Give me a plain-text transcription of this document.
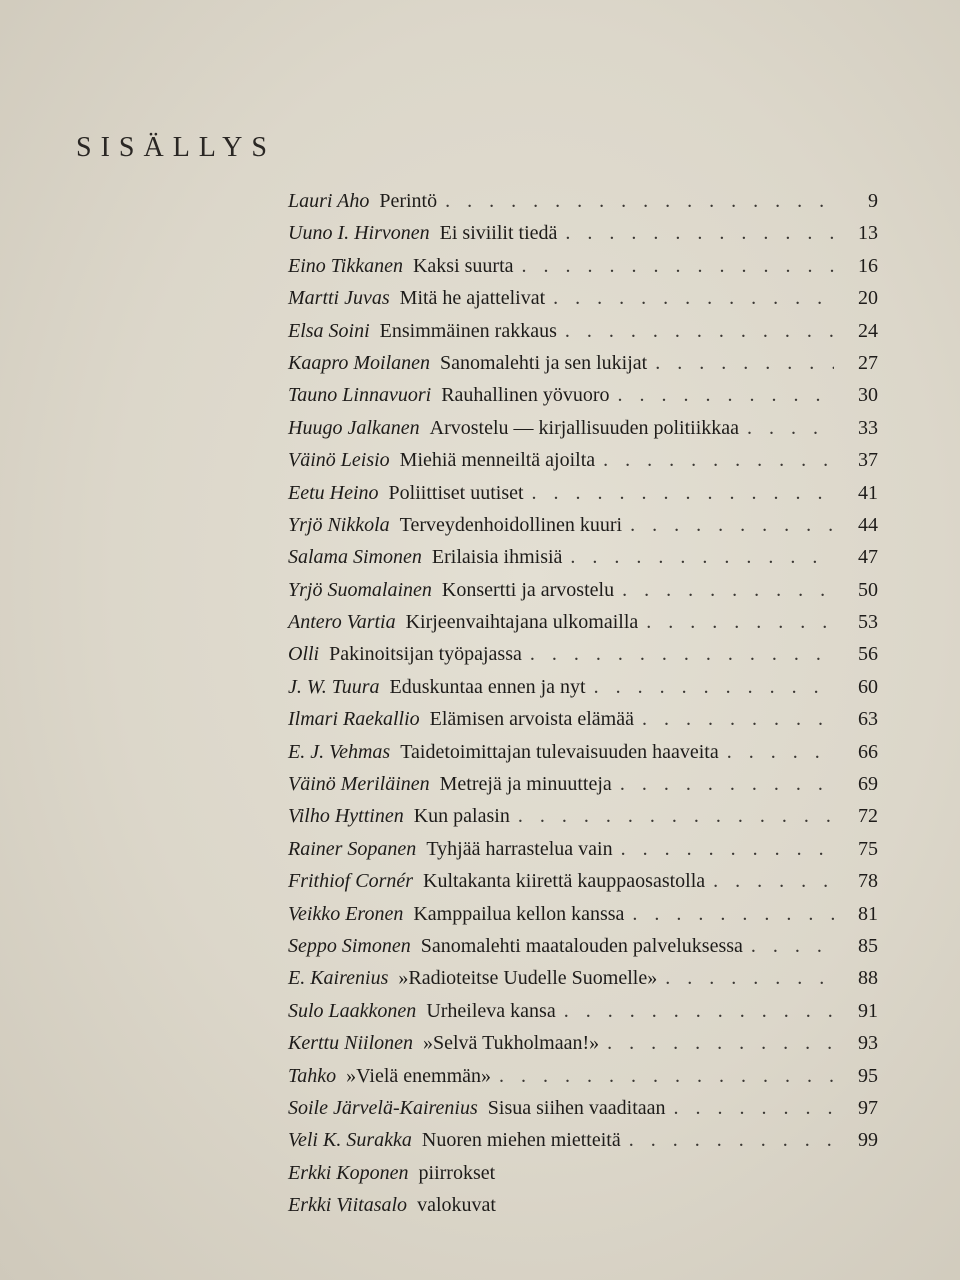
SISÄLLYS
Lauri Aho Perintö . . .	9
Uuno I. Hirvonen Ei siviilit tiedä . . .	13
Eino Tikkanen Kaksi suurta . . .	16
Martti Juvas Mitä he ajattelivat . . .	20
Elsa Soini Ensimmäinen rakkaus . . .	24
Kaapro Moilanen Sanomalehti ja sen lukijat . . .	27
Tauno Linnavuori Rauhallinen yövuoro . . .	30
Huugo Jalkanen Arvostelu — kirjallisuuden politiikkaa . . .	33
Väinö Leisio Miehiä menneiltä ajoilta . . .	37
Eetu Heino Poliittiset uutiset . . .	41
Yrjö Nikkola Terveydenhoidollinen kuuri . . .	44
Salama Simonen Erilaisia ihmisiä . . .	47
Yrjö Suomalainen Konsertti ja arvostelu . . .	50
Antero Vartia Kirjeenvaihtajana ulkomailla . . .	53
Olli Pakinoitsijan työpajassa . . .	56
J. W. Tuura Eduskuntaa ennen ja nyt . . .	60
Ilmari Raekallio Elämisen arvoista elämää . . .	63
E. J. Vehmas Taidetoimittajan tulevaisuuden haaveita . . .	66
Väinö Meriläinen Metrejä ja minuutteja . . .	69
Vilho Hyttinen Kun palasin . . .	72
Rainer Sopanen Tyhjää harrastelua vain . . .	75
Frithiof Cornér Kultakanta kiirettä kauppaosastolla . . .	78
Veikko Eronen Kamppailua kellon kanssa . . .	81
Seppo Simonen Sanomalehti maatalouden palveluksessa . . .	85
E. Kairenius »Radioteitse Uudelle Suomelle» . . .	88
Sulo Laakkonen Urheileva kansa . . .	91
Kerttu Niilonen »Selvä Tukholmaan!» . . .	93
Tahko »Vielä enemmän» . . .	95
Soile Järvelä-Kairenius Sisua siihen vaaditaan . . .	97
Veli K. Surakka Nuoren miehen mietteitä . . .	99
Erkki Koponen piirrokset
Erkki Viitasalo valokuvat
